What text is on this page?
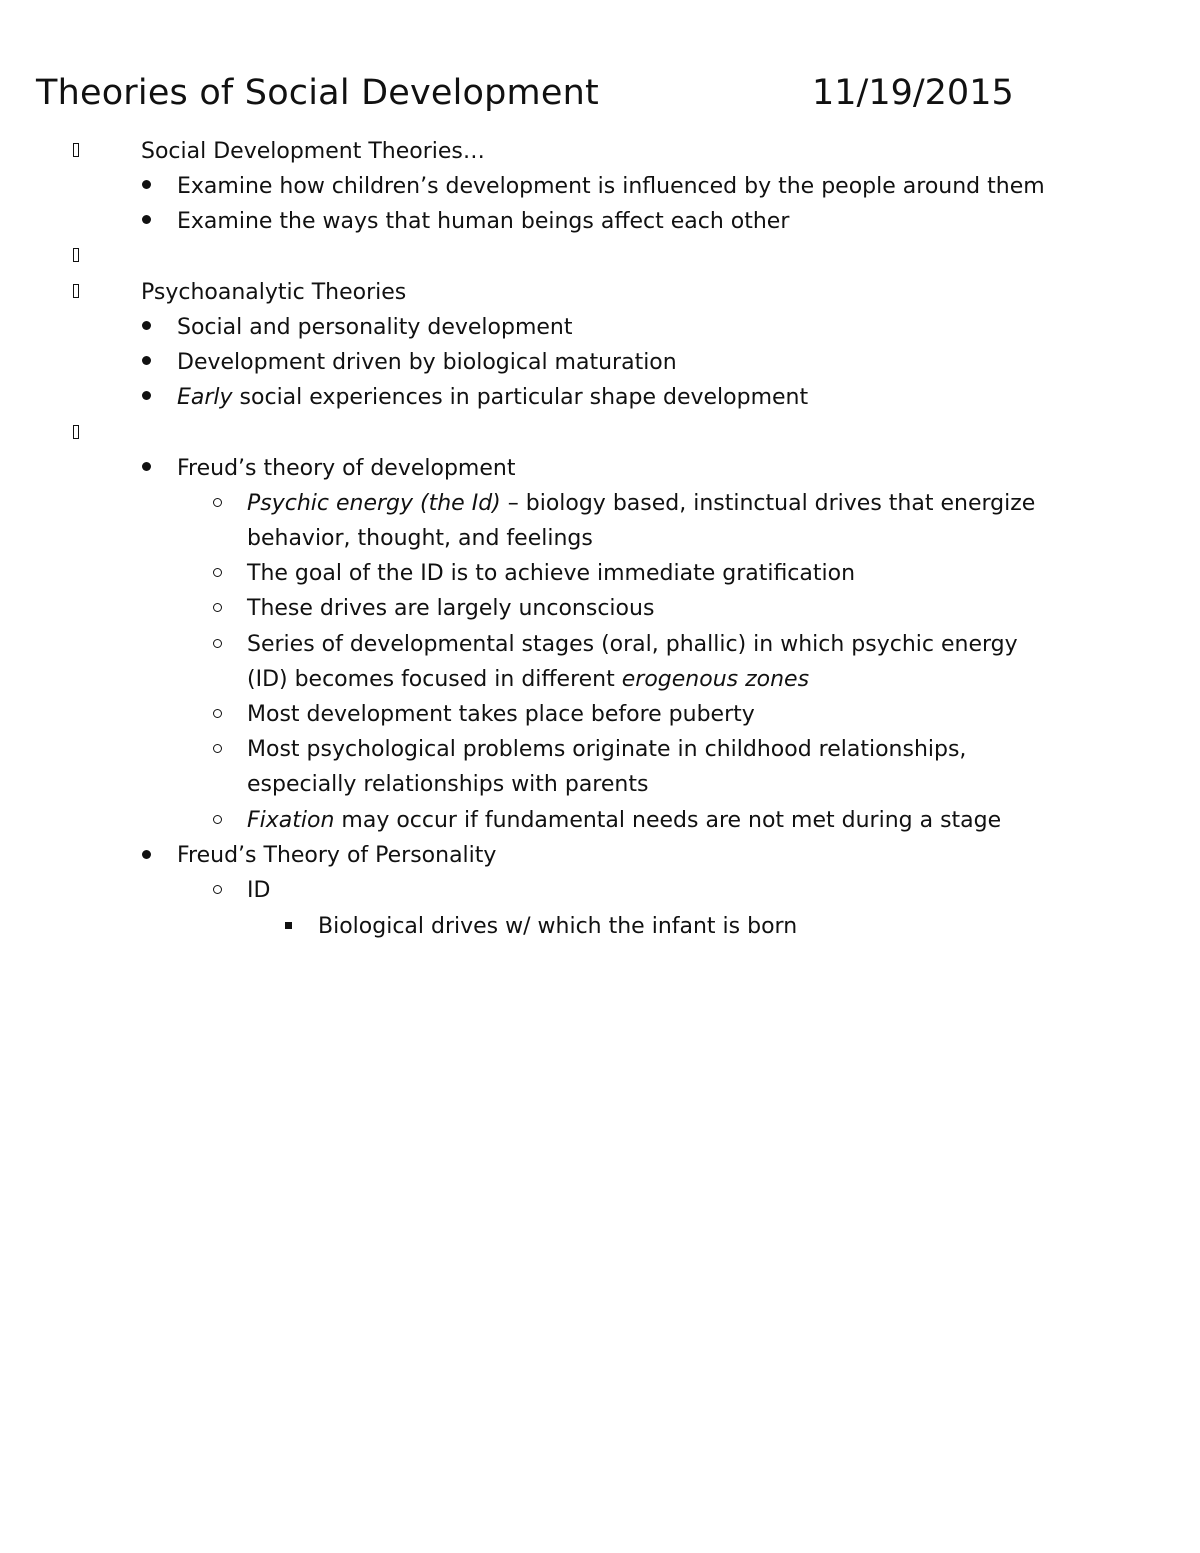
Theories of Social Development	11/19/2015
Social Development Theories…
Examine how children’s development is influenced by the people around them
Examine the ways that human beings affect each other
Psychoanalytic Theories
Social and personality development
Development driven by biological maturation
Early social experiences in particular shape development
Freud’s theory of development
Psychic energy (the Id) – biology based, instinctual drives that energize
behavior, thought, and feelings
The goal of the ID is to achieve immediate gratification
These drives are largely unconscious
Series of developmental stages (oral, phallic) in which psychic energy
(ID) becomes focused in different erogenous zones
Most development takes place before puberty
Most psychological problems originate in childhood relationships,
especially relationships with parents
Fixation may occur if fundamental needs are not met during a stage
Freud’s Theory of Personality
ID
Biological drives w/ which the infant is born
